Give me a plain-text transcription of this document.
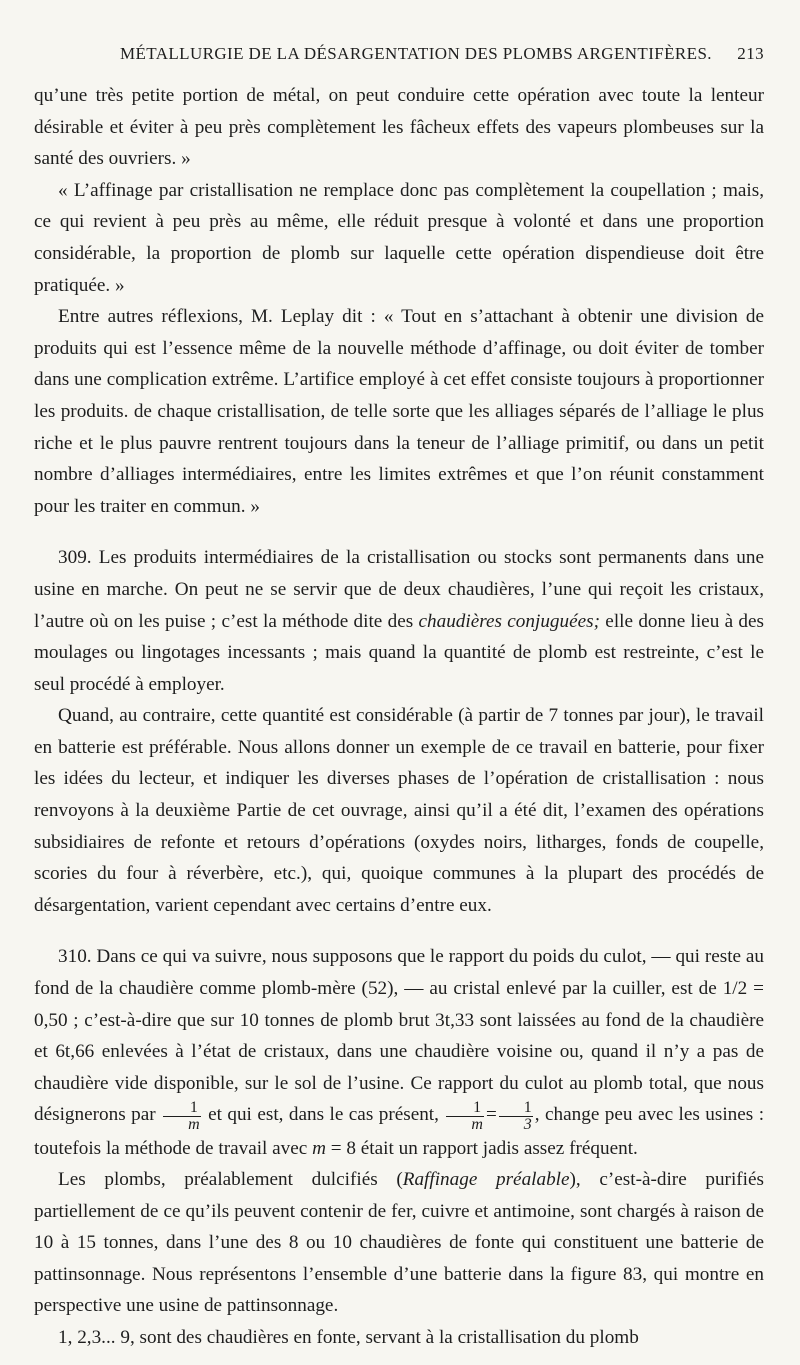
MÉTALLURGIE DE LA DÉSARGENTATION DES PLOMBS ARGENTIFÈRES. 213

qu’une très petite portion de métal, on peut conduire cette opération avec toute la lenteur désirable et éviter à peu près complètement les fâcheux effets des vapeurs plombeuses sur la santé des ouvriers. »

« L’affinage par cristallisation ne remplace donc pas complètement la coupellation ; mais, ce qui revient à peu près au même, elle réduit presque à volonté et dans une proportion considérable, la proportion de plomb sur laquelle cette opération dispendieuse doit être pratiquée. »

Entre autres réflexions, M. Leplay dit : « Tout en s’attachant à obtenir une division de produits qui est l’essence même de la nouvelle méthode d’affinage, ou doit éviter de tomber dans une complication extrême. L’artifice employé à cet effet consiste toujours à proportionner les produits. de chaque cristallisation, de telle sorte que les alliages séparés de l’alliage le plus riche et le plus pauvre rentrent toujours dans la teneur de l’alliage primitif, ou dans un petit nombre d’alliages intermédiaires, entre les limites extrêmes et que l’on réunit constamment pour les traiter en commun. »

309. Les produits intermédiaires de la cristallisation ou stocks sont permanents dans une usine en marche. On peut ne se servir que de deux chaudières, l’une qui reçoit les cristaux, l’autre où on les puise ; c’est la méthode dite des chaudières conjuguées; elle donne lieu à des moulages ou lingotages incessants ; mais quand la quantité de plomb est restreinte, c’est le seul procédé à employer.

Quand, au contraire, cette quantité est considérable (à partir de 7 tonnes par jour), le travail en batterie est préférable. Nous allons donner un exemple de ce travail en batterie, pour fixer les idées du lecteur, et indiquer les diverses phases de l’opération de cristallisation : nous renvoyons à la deuxième Partie de cet ouvrage, ainsi qu’il a été dit, l’examen des opérations subsidiaires de refonte et retours d’opérations (oxydes noirs, litharges, fonds de coupelle, scories du four à réverbère, etc.), qui, quoique communes à la plupart des procédés de désargentation, varient cependant avec certains d’entre eux.

310. Dans ce qui va suivre, nous supposons que le rapport du poids du culot, — qui reste au fond de la chaudière comme plomb-mère (52), — au cristal enlevé par la cuiller, est de 1/2 = 0,50 ; c’est-à-dire que sur 10 tonnes de plomb brut 3t,33 sont laissées au fond de la chaudière et 6t,66 enlevées à l’état de cristaux, dans une chaudière voisine ou, quand il n’y a pas de chaudière vide disponible, sur le sol de l’usine. Ce rapport du culot au plomb total, que nous désignerons par $\frac{1}{m}$ et qui est, dans le cas présent, $\frac{1}{m} = \frac{1}{3}$ , change peu avec les usines : toutefois la méthode de travail avec m = 8 était un rapport jadis assez fréquent.

Les plombs, préalablement dulcifiés (Raffinage préalable), c’est-à-dire purifiés partiellement de ce qu’ils peuvent contenir de fer, cuivre et antimoine, sont chargés à raison de 10 à 15 tonnes, dans l’une des 8 ou 10 chaudières de fonte qui constituent une batterie de pattinsonnage. Nous représentons l’ensemble d’une batterie dans la figure 83, qui montre en perspective une usine de pattinsonnage.

1, 2,3... 9, sont des chaudières en fonte, servant à la cristallisation du plomb
